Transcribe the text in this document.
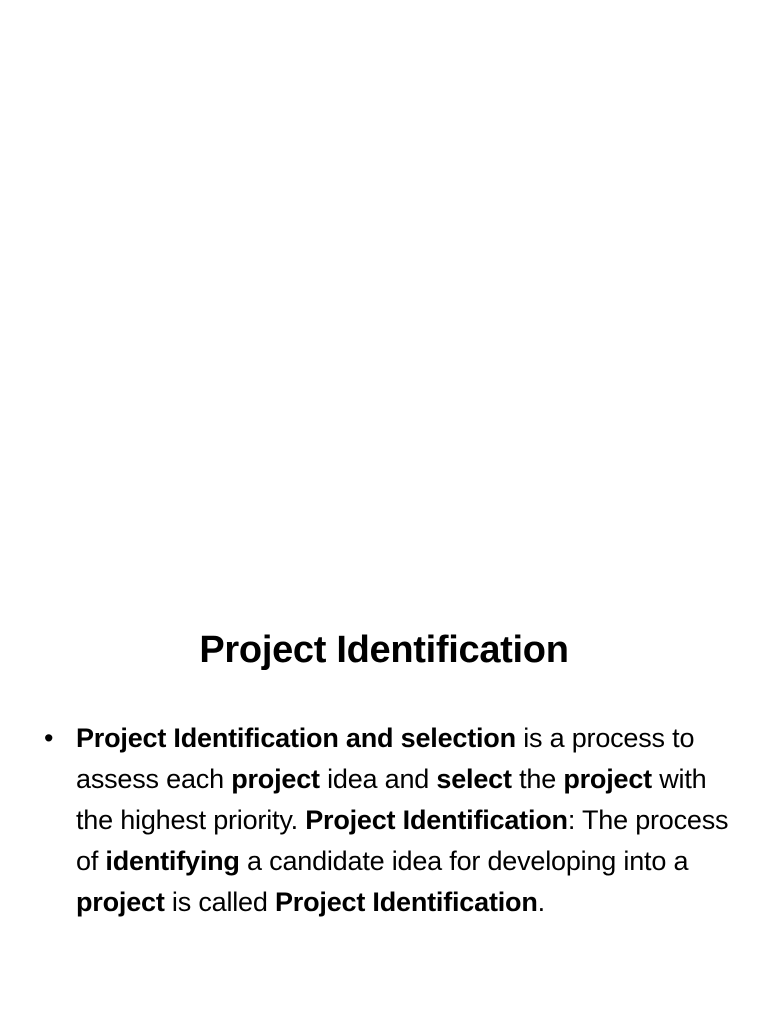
Project Identification
• Project Identification and selection is a process to assess each project idea and select the project with the highest priority. Project Identification: The process of identifying a candidate idea for developing into a project is called Project Identification.
